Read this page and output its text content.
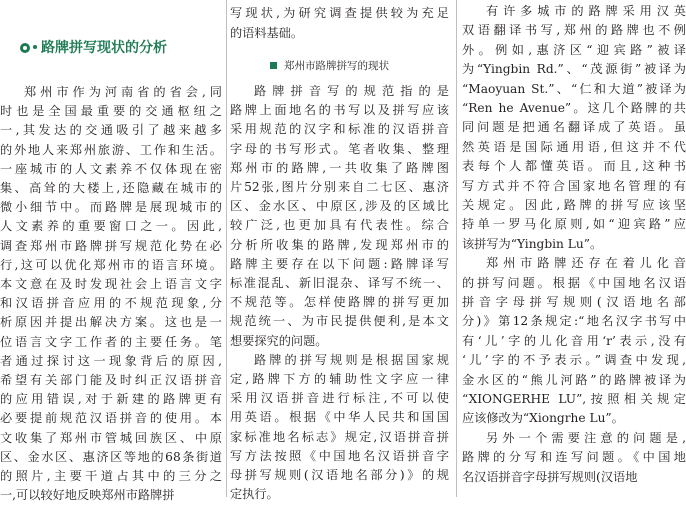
路牌拼写现状的分析
郑州市作为河南省的省会,同
时也是全国最重要的交通枢纽之
一,其发达的交通吸引了越来越多
的外地人来郑州旅游、工作和生活。
一座城市的人文素养不仅体现在密
集、高耸的大楼上,还隐藏在城市的
微小细节中。而路牌是展现城市的
人文素养的重要窗口之一。因此,
调查郑州市路牌拼写规范化势在必
行,这可以优化郑州市的语言环境。
本文意在及时发现社会上语言文字
和汉语拼音应用的不规范现象,分
析原因并提出解决方案。这也是一
位语言文字工作者的主要任务。笔
者通过探讨这一现象背后的原因,
希望有关部门能及时纠正汉语拼音
的应用错误,对于新建的路牌更有
必要提前规范汉语拼音的使用。本
文收集了郑州市管城回族区、中原
区、金水区、惠济区等地的68条街道
的照片,主要干道占其中的三分之
一,可以较好地反映郑州市路牌拼
郑州市路牌拼写的现状
写现状,为研究调查提供较为充足
的语料基础。
路牌拼音写的规范指的是
路牌上面地名的书写以及拼写应该
采用规范的汉字和标准的汉语拼音
字母的书写形式。笔者收集、整理
郑州市的路牌,一共收集了路牌图
片52张,图片分别来自二七区、惠济
区、金水区、中原区,涉及的区域比
较广泛,也更加具有代表性。综合
分析所收集的路牌,发现郑州市的
路牌主要存在以下问题:路牌译写
标准混乱、新旧混杂、译写不统一、
不规范等。怎样使路牌的拼写更加
规范统一、为市民提供便利,是本文
想要探究的问题。
路牌的拼写规则是根据国家规
定,路牌下方的辅助性文字应一律
采用汉语拼音进行标注,不可以使
用英语。根据《中华人民共和国国
家标准地名标志》规定,汉语拼音拼
写方法按照《中国地名汉语拼音字
母拼写规则(汉语地名部分)》的规
定执行。
有许多城市的路牌采用汉英
双语翻译书写,郑州的路牌也不例
外。例如,惠济区“迎宾路”被译
为“Yingbin Rd.”、“茂源街”被译为
“Maoyuan St.”、“仁和大道”被译为
“Ren he Avenue”。这几个路牌的共
同问题是把通名翻译成了英语。虽
然英语是国际通用语,但这并不代
表每个人都懂英语。而且,这种书
写方式并不符合国家地名管理的有
关规定。因此,路牌的拼写应该坚
持单一罗马化原则,如“迎宾路”应
该拼写为“Yingbin Lu”。
郑州市路牌还存在着儿化音
的拼写问题。根据《中国地名汉语
拼音字母拼写规则(汉语地名部
分)》第12条规定:“地名汉字书写中
有‘儿’字的儿化音用‘r’表示,没有
‘儿’字的不予表示。”调查中发现,
金水区的“熊儿河路”的路牌被译为
“XIONGERHE LU”,按照相关规定
应该修改为“Xiongrhe Lu”。
另外一个需要注意的问题是,
路牌的分写和连写问题。《中国地
名汉语拼音字母拼写规则(汉语地
